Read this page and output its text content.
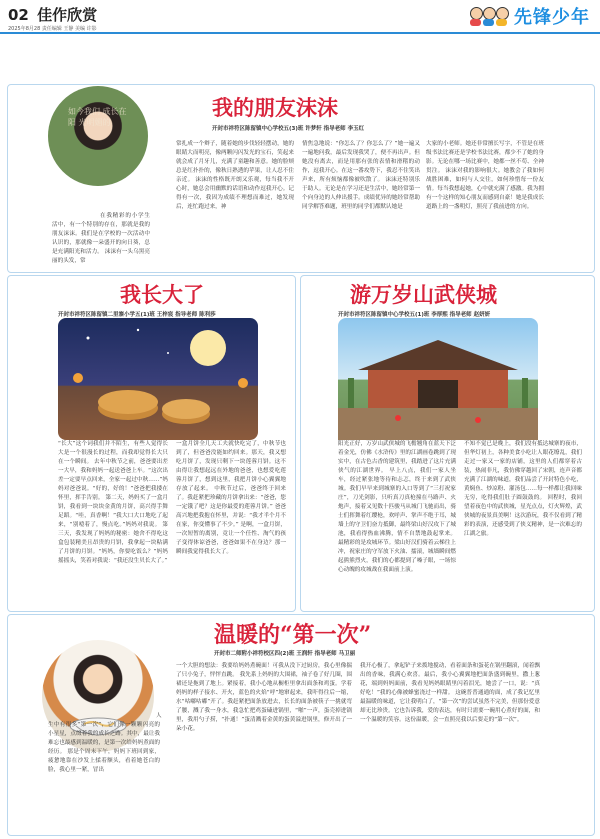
02 佳作欣赏
2025年8月28 责任编辑 王静 美编 许影
先锋少年
如今我们 成长在阳 光明媚的
我的朋友沫沫
开封市祥符区陈留镇中心学校五(3)班 许梦轩 指导老师 李玉红
在我精彩的小学生活中，有一个特别的存在，那就是我的朋友沫沫。我们是在学校的一次活动中认识的，那就像一朵盛开的向日葵，总是充满阳光和活力。 沫沫有一头乌黑亮丽的头发，常
常扎成一个辫子，随着她的步伐轻轻摆动，她的眼睛大而明亮，像两颗闪闪发光的宝石，笑起来就会成了月牙儿，充满了童趣和善意。她的脸颊总是红扑扑的，像秋日熟透的苹果，让人忍不住亲近。 沫沫的性格既开朗又乐观，每当我不开心时，她总会用幽默的话语和动作逗我开心。记得有一次，我因为成绩不理想而难过，她发现后，连忙跑过来，神
情焦急地说：“你怎么了？你怎么了？”她一遍又一遍地问我，最后发现我哭了，便不再出声。但她没有离去，而是用那有张的表情和滑稽的动作，逗我开心。在这一番攻势下，我忍不住笑出声来，所有烦恼都像被吹散了。 沫沫还特别乐于助人。无论是在学习还是生活中，她经常第一个向身边的人伸出援手。成绩优异的她经常帮助同学解答难题，班里的同学们都默认她是
大家的小老师。她还非常擅长写字，不管是在班级书法比赛还是学校书法比赛，都少不了她的身影。无论在哪一场比赛中，她都一丝不苟、全神贯注。 沫沫对我的影响很大。她教会了我如何战胜困难，如何与人交往，如何珍惜每一份友情。每当我想起她，心中就充满了感激。我为拥有一个这样的知心朋友而感到自豪！她是我成长道路上的一盏明灯，照亮了我前进的方向。
我长大了
开封市祥符区陈留镇二里寨小学五(1)班 王梓宸 指导老师 陈利莎
“长大”这个词我们并不陌生，有些人觉得长大是一个很漫长的过程，而我却觉得长大只在一个瞬间。 去年中秋节之前，爸爸要出差一大早，我和妈妈一起送爸爸上车。“这次出差一定要早点回来，全家一起过中秋……”妈妈对爸爸说。“好的，好的！”爸爸把我搂在怀里，挥手告别。 第二天，妈妈买了一盒月饼，我看到一块块金黄的月饼，高兴得手舞足蹈。“哇，真香啊！”我大口大口地吃了起来，“别噎着了，慢点吃。”妈妈对我说。 第三天，我发现了妈妈的秘密：她舍不得吃这盒包装精美且昂贵的月饼，我拿起一块粘满了月饼的月饼。“妈妈，你要吃饭么？”妈妈摇摇头，笑着对我说：“我还没生贝长大了。”
一盒月饼全几天工夫就快吃完了，中秋节也到了，但爸爸没能如约回来。那天，我又想吃月饼了，发现只剩下一块莲蓉月饼。这不由得让我想起远在外地的爸爸，也想爱吃莲蓉月饼了，想到这里，我把月饼小心翼翼地存放了起来。 中秋节过后，爸爸终于回来了。我赶紧把珍藏的月饼拿出来：“爸爸，您一定饿了吧？这是你最爱的莲蓉月饼。” 爸爸高兴地把我抱在怀里，并说：“我才半个月不在家，你变懂事了不少。” 是啊，一盒月饼，一次短暂的离别，竟让一个任性、淘气的孩子变得体谅爸爸，爸爸如果不在身边？那一瞬间我觉得我长大了。
游万岁山武侠城
开封市祥符区陈留镇中心学校五(1)班 李厚熙 指导老师 赵妍妍
阳光正好，万岁山武侠城的飞檐翘角在蓝天下泛着金光，仿佛《水浒传》里的江湖画卷跳到了现实中，在古色古香的建筑里，我踏进了这片充满侠气的江湖世界。 早上八点，我们一家人坐车，经过紧张地等待和忐忑，终于来到了武侠城。我们早早来到城寨的入口等到了“三打祝家庄”，刀光剑影，只听真刀真枪撞在马路声、火炮声，接着又见数十匹骏马从城门飞驰而出，骑士们挥舞着红缨枪，欢呼声、掌声不绝于耳，城墙上的守卫们奋力抵御，最终梁山好汉攻下了城池，我看得热血沸腾，情不自禁地鼓起掌来。 最精彩的是攻城环节。梁山好汉们骑着云梯往上冲，祝家庄的守军放下火油、擂滚，城墙瞬间燃起熊熊烈火，我们的心都提到了嗓子眼，一场惊心动魄的攻城战在我面前上演。
不知不觉已是晚上，我们没有抵达城寨的夜市，但华灯初上，各种美食小吃让人眼花缭乱，我们走过一家又一家的店铺，这里的人们都穿着古装，热闹非凡，我仿佛穿越回了宋朝，连声音都充满了江湖的味道，我们品尝了开封特色小吃，黄焖鱼、炒凉粉、灌汤包……每一样都让我回味无穷，吃得我们肚子圆鼓鼓的。 回程时，我回望着夜色中的武侠城，星光点点，灯火辉煌，武侠城的夜景真美啊！这次游玩，我不仅看到了精彩的表演，还感受到了侠义精神，是一次难忘的江湖之旅。
温暖的“第一次”
开封市二师附小祥符校区四(2)班 王润轩 指导老师 马卫丽
人生中有很多“第一次”，它们像一颗颗闪亮的小星星，点缀着我的成长之路。其中，最让我难忘也最感到温暖的，是第一次给妈妈煮面的经历。 那是个周末下午，妈妈下班回到家，疲惫地靠在沙发上揉着额头，看着她苍白的脸，我心里一紧，冒出
一个大胆的想法：我要给妈妈煮碗面！可我从没下过厨房，我心里像揣了只小兔子，怦怦直跳。 我先系上妈妈的大围裙，袖子卷了好几圈，围裙还是拖到了地上。紧接着，我小心地从橱柜里拿出面条和鸡蛋。学着妈妈的样子接水、开火，蓝色的火焰“呼”地窜起来，我吓得往后一缩，水“咕嘟咕嘟”开了。我赶紧把面条放进去，长长的面条被筷子一挑就弯了腰，溅了我一身水，我急忙把鸡蛋磕进锅里，“啪”一声，蛋壳掉进锅里，我用勺子捞，“扑通！”蛋清溅着金黄的蛋黄溢进锅里，修开出了一朵小花。
我开心极了，拿起铲子来拨地搅动，看着面条和蛋花在锅里翻滚，闻着飘出的香味，我满心欢喜。最后，我小心翼翼地把面条盛到碗里，撒上葱花，端到妈妈面前，我看见妈妈眼睛里闪着泪光，她尝了一口，说：“真好吃！”我的心像被蜂蜜浇过一样甜。 这碗普普通通的面，成了我记忆里最温暖的味道，它让我明白了，“第一次”的尝试虽然不完美，但那份爱意却无比珍贵。它也告诉我，爱的表达，有时只需要一碗用心煮好的面，和一个温暖的笑容。这份温暖，会一直照亮我以后要走的“第一次”。
